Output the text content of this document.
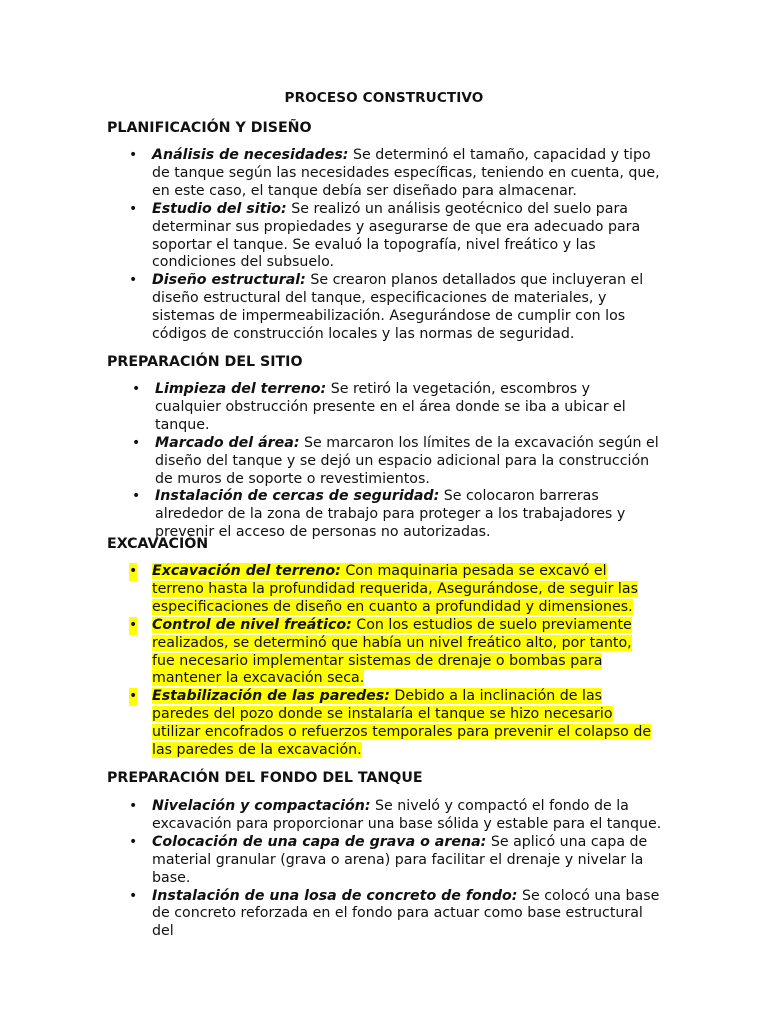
PROCESO CONSTRUCTIVO
PLANIFICACIÓN Y DISEÑO
• Análisis de necesidades: Se determinó el tamaño, capacidad y tipo de tanque según las necesidades específicas, teniendo en cuenta, que, en este caso, el tanque debía ser diseñado para almacenar.
• Estudio del sitio: Se realizó un análisis geotécnico del suelo para determinar sus propiedades y asegurarse de que era adecuado para soportar el tanque. Se evaluó la topografía, nivel freático y las condiciones del subsuelo.
• Diseño estructural: Se crearon planos detallados que incluyeran el diseño estructural del tanque, especificaciones de materiales, y sistemas de impermeabilización. Asegurándose de cumplir con los códigos de construcción locales y las normas de seguridad.
PREPARACIÓN DEL SITIO
• Limpieza del terreno: Se retiró la vegetación, escombros y cualquier obstrucción presente en el área donde se iba a ubicar el tanque.
• Marcado del área: Se marcaron los límites de la excavación según el diseño del tanque y se dejó un espacio adicional para la construcción de muros de soporte o revestimientos.
• Instalación de cercas de seguridad: Se colocaron barreras alrededor de la zona de trabajo para proteger a los trabajadores y prevenir el acceso de personas no autorizadas.
EXCAVACIÓN
• Excavación del terreno: Con maquinaria pesada se excavó el terreno hasta la profundidad requerida, Asegurándose, de seguir las especificaciones de diseño en cuanto a profundidad y dimensiones.
• Control de nivel freático: Con los estudios de suelo previamente realizados, se determinó que había un nivel freático alto, por tanto, fue necesario implementar sistemas de drenaje o bombas para mantener la excavación seca.
• Estabilización de las paredes: Debido a la inclinación de las paredes del pozo donde se instalaría el tanque se hizo necesario utilizar encofrados o refuerzos temporales para prevenir el colapso de las paredes de la excavación.
PREPARACIÓN DEL FONDO DEL TANQUE
• Nivelación y compactación: Se niveló y compactó el fondo de la excavación para proporcionar una base sólida y estable para el tanque.
• Colocación de una capa de grava o arena: Se aplicó una capa de material granular (grava o arena) para facilitar el drenaje y nivelar la base.
• Instalación de una losa de concreto de fondo: Se colocó una base de concreto reforzada en el fondo para actuar como base estructural del
